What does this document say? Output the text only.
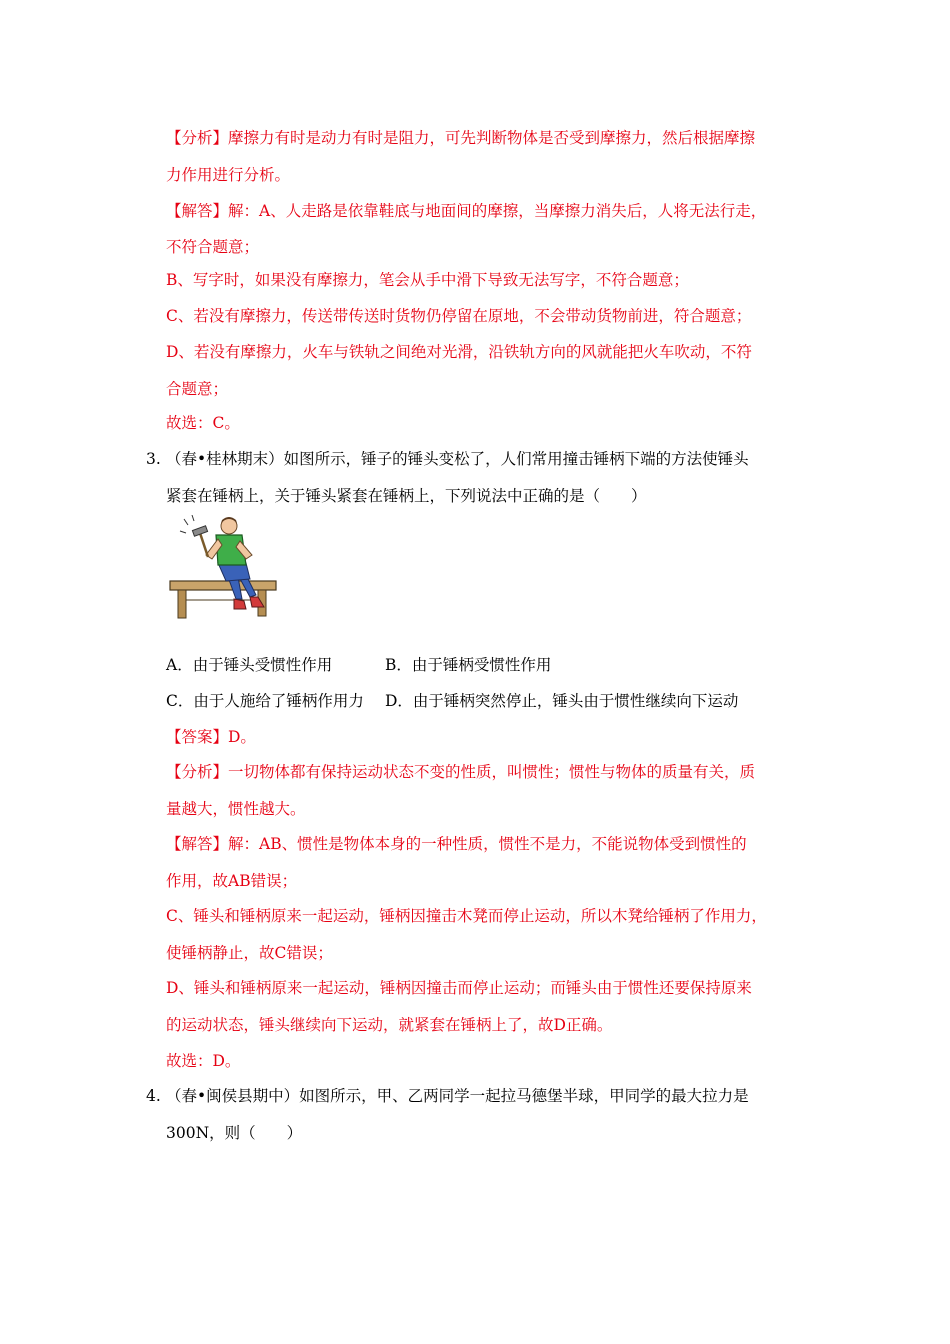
【分析】摩擦力有时是动力有时是阻力，可先判断物体是否受到摩擦力，然后根据摩擦
力作用进行分析。
【解答】解：A、人走路是依靠鞋底与地面间的摩擦，当摩擦力消失后，人将无法行走，
不符合题意；
B、写字时，如果没有摩擦力，笔会从手中滑下导致无法写字，不符合题意；
C、若没有摩擦力，传送带传送时货物仍停留在原地，不会带动货物前进，符合题意；
D、若没有摩擦力，火车与铁轨之间绝对光滑，沿铁轨方向的风就能把火车吹动，不符
合题意；
故选：C。
3. （春•桂林期末）如图所示，锤子的锤头变松了，人们常用撞击锤柄下端的方法使锤头
紧套在锤柄上，关于锤头紧套在锤柄上，下列说法中正确的是（　　）
A．由于锤头受惯性作用	B．由于锤柄受惯性作用
C．由于人施给了锤柄作用力 D．由于锤柄突然停止，锤头由于惯性继续向下运动
【答案】D。
【分析】一切物体都有保持运动状态不变的性质，叫惯性；惯性与物体的质量有关，质
量越大，惯性越大。
【解答】解：AB、惯性是物体本身的一种性质，惯性不是力，不能说物体受到惯性的
作用，故AB错误；
C、锤头和锤柄原来一起运动，锤柄因撞击木凳而停止运动，所以木凳给锤柄了作用力，
使锤柄静止，故C错误；
D、锤头和锤柄原来一起运动，锤柄因撞击而停止运动；而锤头由于惯性还要保持原来
的运动状态，锤头继续向下运动，就紧套在锤柄上了，故D正确。
故选：D。
4. （春•闽侯县期中）如图所示，甲、乙两同学一起拉马德堡半球，甲同学的最大拉力是
300N，则（　　）
